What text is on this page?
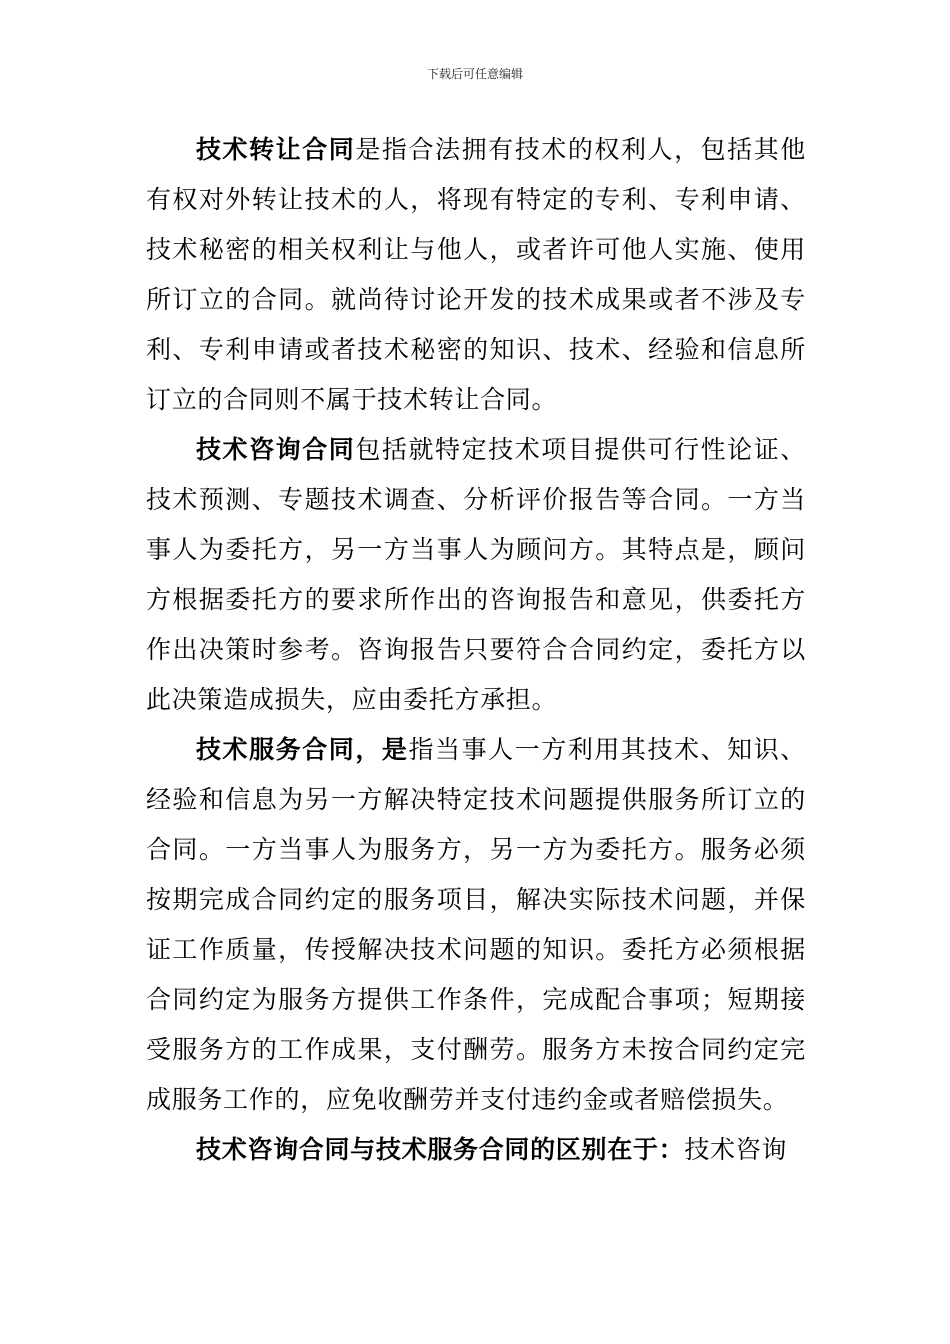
下载后可任意编辑

技术转让合同是指合法拥有技术的权利人，包括其他有权对外转让技术的人，将现有特定的专利、专利申请、技术秘密的相关权利让与他人，或者许可他人实施、使用所订立的合同。就尚待讨论开发的技术成果或者不涉及专利、专利申请或者技术秘密的知识、技术、经验和信息所订立的合同则不属于技术转让合同。

技术咨询合同包括就特定技术项目提供可行性论证、技术预测、专题技术调查、分析评价报告等合同。一方当事人为委托方，另一方当事人为顾问方。其特点是，顾问方根据委托方的要求所作出的咨询报告和意见，供委托方作出决策时参考。咨询报告只要符合合同约定，委托方以此决策造成损失，应由委托方承担。

技术服务合同，是指当事人一方利用其技术、知识、经验和信息为另一方解决特定技术问题提供服务所订立的合同。一方当事人为服务方，另一方为委托方。服务必须按期完成合同约定的服务项目，解决实际技术问题，并保证工作质量，传授解决技术问题的知识。委托方必须根据合同约定为服务方提供工作条件，完成配合事项；短期接受服务方的工作成果，支付酬劳。服务方未按合同约定完成服务工作的，应免收酬劳并支付违约金或者赔偿损失。

技术咨询合同与技术服务合同的区别在于：技术咨询
